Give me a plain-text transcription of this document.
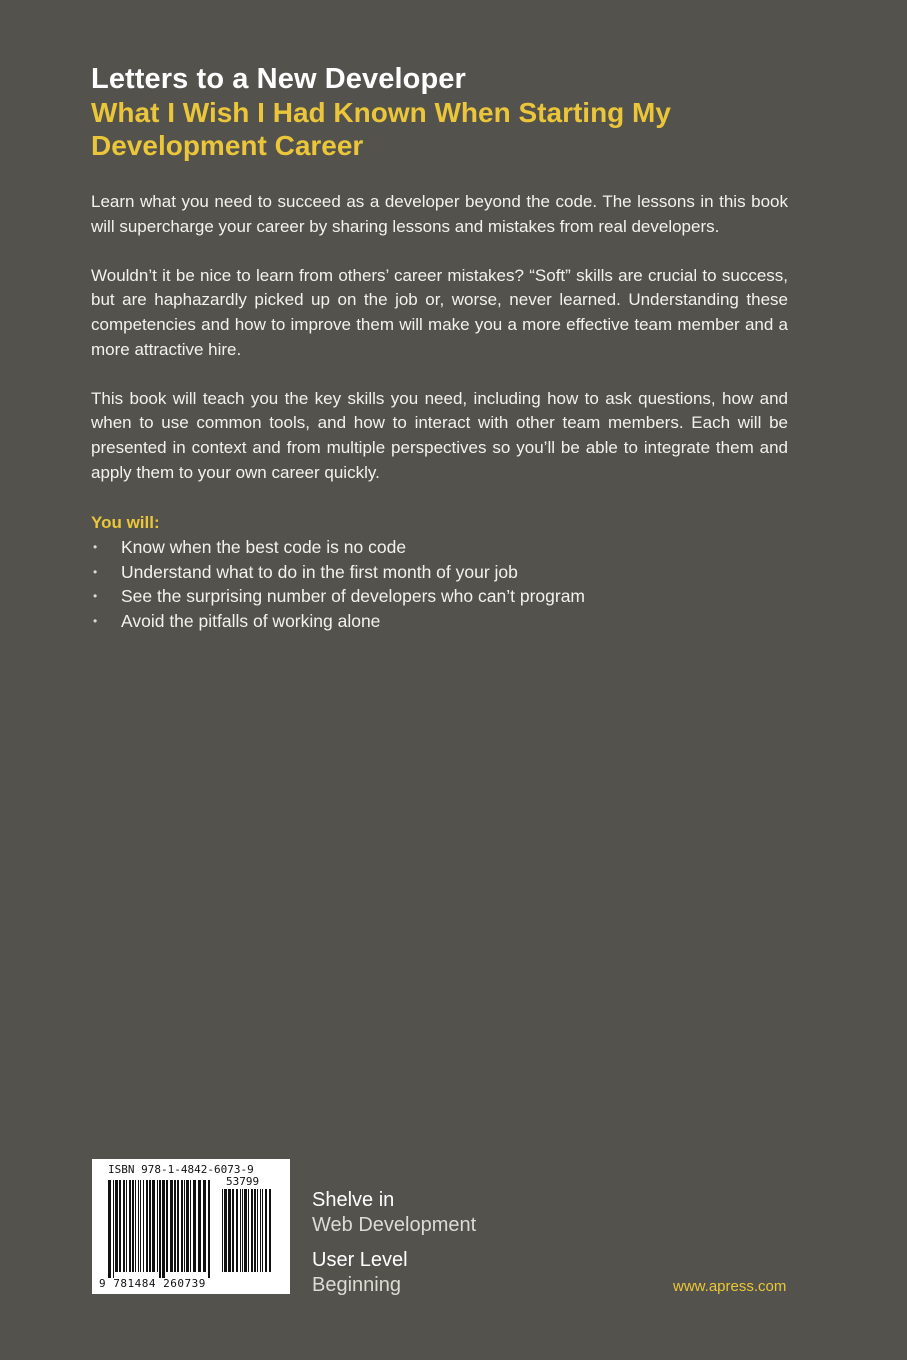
Letters to a New Developer
What I Wish I Had Known When Starting My Development Career

Learn what you need to succeed as a developer beyond the code. The lessons in this book will supercharge your career by sharing lessons and mistakes from real developers.

Wouldn’t it be nice to learn from others’ career mistakes? “Soft” skills are crucial to success, but are haphazardly picked up on the job or, worse, never learned. Understanding these competencies and how to improve them will make you a more effective team member and a more attractive hire.

This book will teach you the key skills you need, including how to ask questions, how and when to use common tools, and how to interact with other team members. Each will be presented in context and from multiple perspectives so you’ll be able to integrate them and apply them to your own career quickly.

You will:

• Know when the best code is no code
• Understand what to do in the first month of your job
• See the surprising number of developers who can’t program
• Avoid the pitfalls of working alone
ISBN 978-1-4842-6073-9
53799
9 781484 260739

Shelve in

Web Development

User Level

Beginning	www.apress.com
